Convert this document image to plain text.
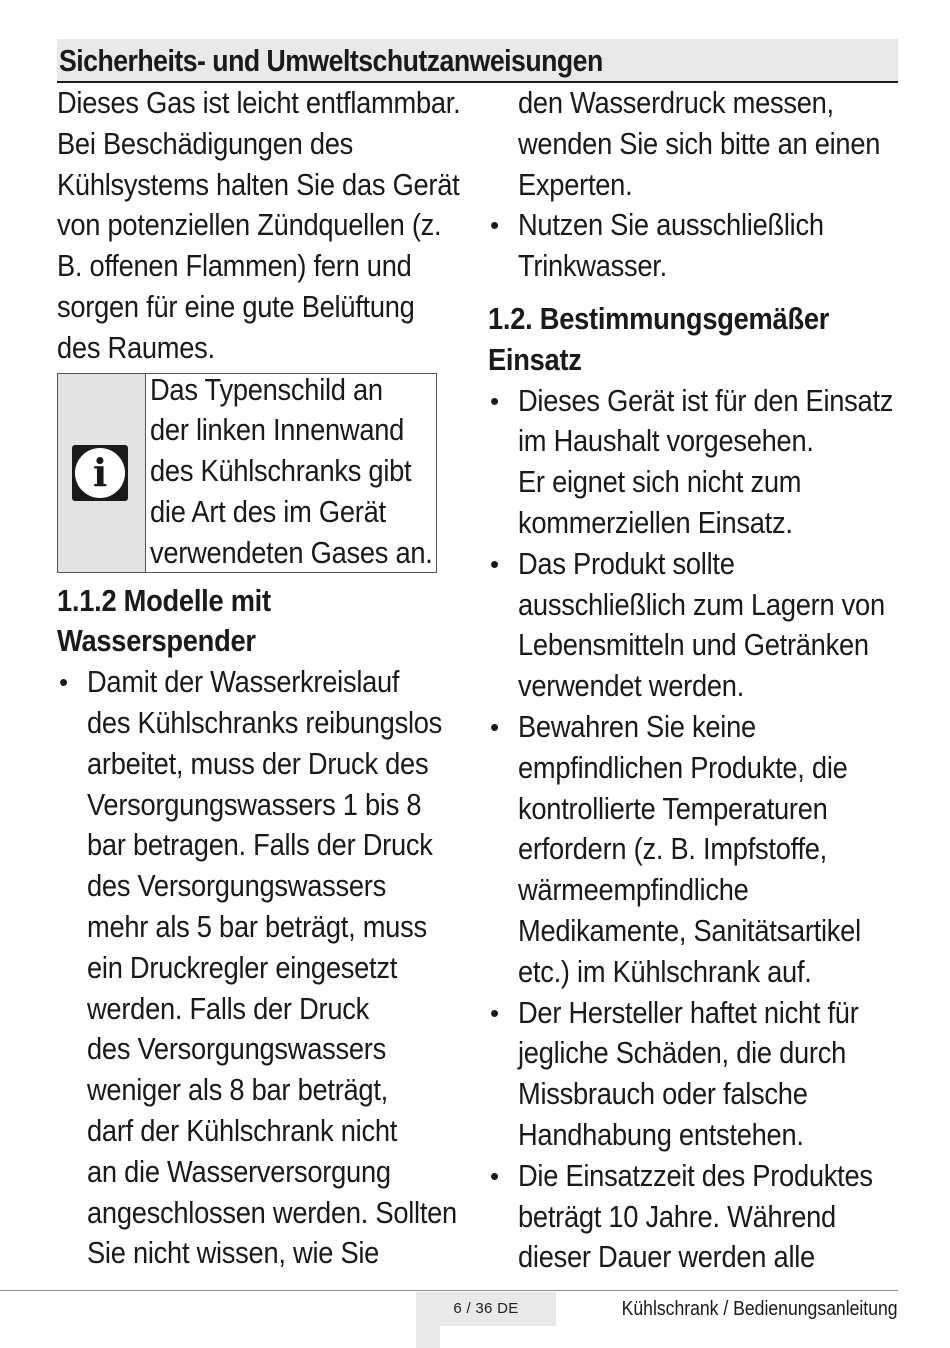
Sicherheits- und Umweltschutzanweisungen
Dieses Gas ist leicht entflammbar.
Bei Beschädigungen des
Kühlsystems halten Sie das Gerät
von potenziellen Zündquellen (z.
B. offenen Flammen) fern und
sorgen für eine gute Belüftung
des Raumes.
i
Das Typenschild an
der linken Innenwand
des Kühlschranks gibt
die Art des im Gerät
verwendeten Gases an.
1.1.2 Modelle mit
Wasserspender
• Damit der Wasserkreislauf
des Kühlschranks reibungslos
arbeitet, muss der Druck des
Versorgungswassers 1 bis 8
bar betragen. Falls der Druck
des Versorgungswassers
mehr als 5 bar beträgt, muss
ein Druckregler eingesetzt
werden. Falls der Druck
des Versorgungswassers
weniger als 8 bar beträgt,
darf der Kühlschrank nicht
an die Wasserversorgung
angeschlossen werden. Sollten
Sie nicht wissen, wie Sie
den Wasserdruck messen,
wenden Sie sich bitte an einen
Experten.
• Nutzen Sie ausschließlich
Trinkwasser.
1.2. Bestimmungsgemäßer
Einsatz
• Dieses Gerät ist für den Einsatz
im Haushalt vorgesehen.
Er eignet sich nicht zum
kommerziellen Einsatz.
• Das Produkt sollte
ausschließlich zum Lagern von
Lebensmitteln und Getränken
verwendet werden.
• Bewahren Sie keine
empfindlichen Produkte, die
kontrollierte Temperaturen
erfordern (z. B. Impfstoffe,
wärmeempfindliche
Medikamente, Sanitätsartikel
etc.) im Kühlschrank auf.
• Der Hersteller haftet nicht für
jegliche Schäden, die durch
Missbrauch oder falsche
Handhabung entstehen.
• Die Einsatzzeit des Produktes
beträgt 10 Jahre. Während
dieser Dauer werden alle
6 / 36 DE	Kühlschrank / Bedienungsanleitung
